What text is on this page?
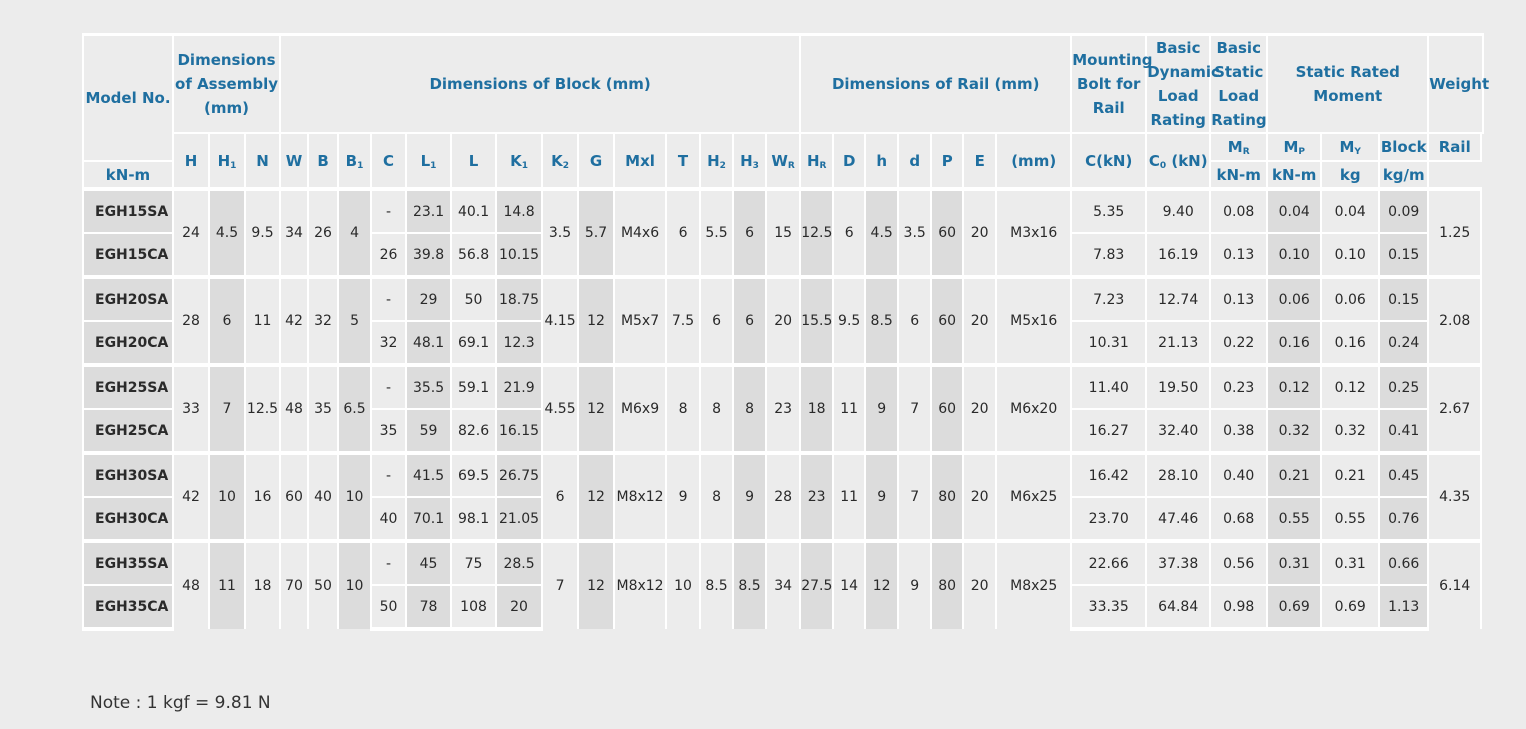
Model No.	Dimensions of Assembly (mm)			Dimensions of Block (mm)														Dimensions of Rail (mm)							Mounting Bolt for Rail	Basic Dynamic Load Rating	Basic Static Load Rating	Static Rated Moment			Weight
	H	$H_1$	N	W	B	$B_1$	C	$L_1$	L	$K_1$	$K_2$	G	Mxl	T	$H_2$	$H_3$	$W_R$	$H_R$	D	h	d	P	E	(mm)	C(kN)	$C_0$ (kN)	$M_R$	$M_P$	$M_Y$	Block	Rail
kN-m																											kN-m	kN-m	kg	kg/m	
EGH15SA	24	4.5	9.5	34	26	4	-	23.1	40.1	14.8	3.5	5.7	M4x6	6	5.5	6	15	12.5	6	4.5	3.5	60	20	M3x16	5.35	9.40	0.08	0.04	0.04	0.09	1.25
EGH15CA							26	39.8	56.8	10.15															7.83	16.19	0.13	0.10	0.10	0.15	
EGH20SA	28	6	11	42	32	5	-	29	50	18.75	4.15	12	M5x7	7.5	6	6	20	15.5	9.5	8.5	6	60	20	M5x16	7.23	12.74	0.13	0.06	0.06	0.15	2.08
EGH20CA							32	48.1	69.1	12.3															10.31	21.13	0.22	0.16	0.16	0.24	
EGH25SA	33	7	12.5	48	35	6.5	-	35.5	59.1	21.9	4.55	12	M6x9	8	8	8	23	18	11	9	7	60	20	M6x20	11.40	19.50	0.23	0.12	0.12	0.25	2.67
EGH25CA							35	59	82.6	16.15															16.27	32.40	0.38	0.32	0.32	0.41	
EGH30SA	42	10	16	60	40	10	-	41.5	69.5	26.75	6	12	M8x12	9	8	9	28	23	11	9	7	80	20	M6x25	16.42	28.10	0.40	0.21	0.21	0.45	4.35
EGH30CA							40	70.1	98.1	21.05															23.70	47.46	0.68	0.55	0.55	0.76	
EGH35SA	48	11	18	70	50	10	-	45	75	28.5	7	12	M8x12	10	8.5	8.5	34	27.5	14	12	9	80	20	M8x25	22.66	37.38	0.56	0.31	0.31	0.66	6.14
EGH35CA							50	78	108	20															33.35	64.84	0.98	0.69	0.69	1.13	
Note : 1 kgf = 9.81 N
